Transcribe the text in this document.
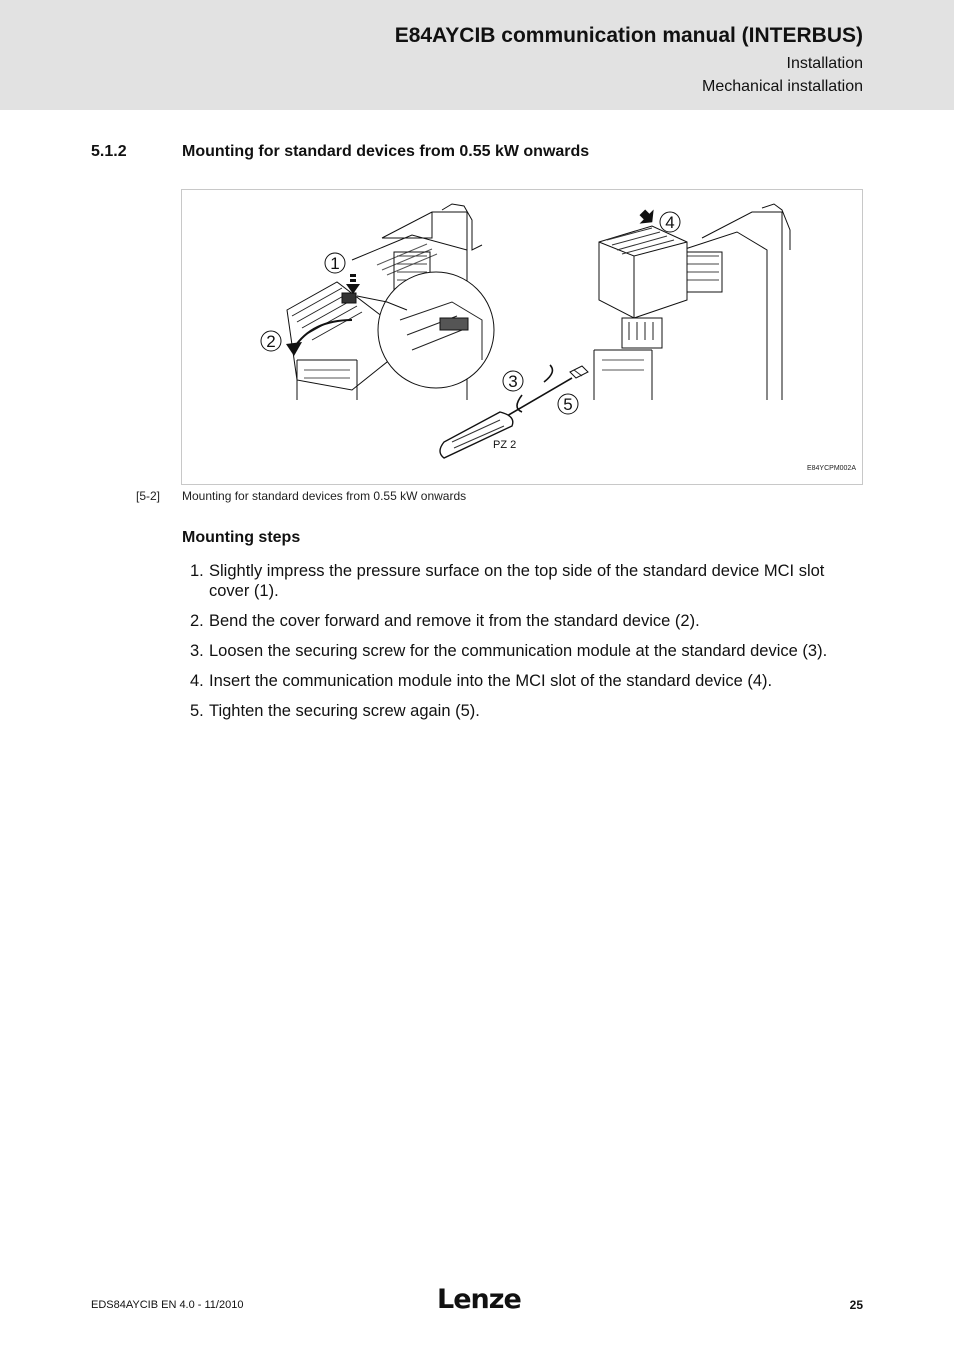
E84AYCIB communication manual (INTERBUS)
Installation
Mechanical installation
5.1.2	Mounting for standard devices from 0.55 kW onwards
1
2
3
4
5
PZ 2
E84YCPM002A
[5-2] Mounting for standard devices from 0.55 kW onwards
Mounting steps
1. Slightly impress the pressure surface on the top side of the standard device MCI slot cover (1).
2. Bend the cover forward and remove it from the standard device (2).
3. Loosen the securing screw for the communication module at the standard device (3).
4. Insert the communication module into the MCI slot of the standard device (4).
5. Tighten the securing screw again (5).
EDS84AYCIB EN 4.0 - 11/2010	Lenze	25
